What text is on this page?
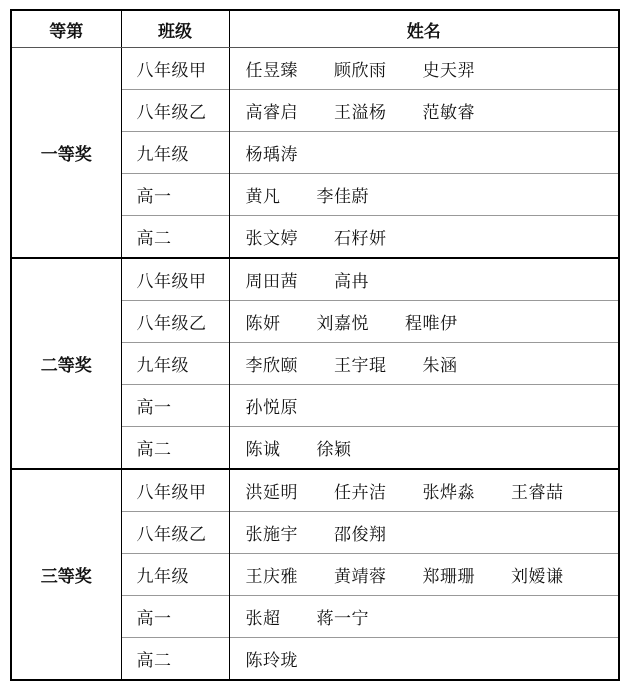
等第	班级	姓名
一等奖	八年级甲	任昱臻 顾欣雨 史天羿
	八年级乙	高睿启 王溢杨 范敏睿
	九年级	杨瑀涛
	高一	黄凡 李佳蔚
	高二	张文婷 石籽妍
二等奖	八年级甲	周田茜 高冉
	八年级乙	陈妍 刘嘉悦 程唯伊
	九年级	李欣颐 王宇琨 朱涵
	高一	孙悦原
	高二	陈诚 徐颖
三等奖	八年级甲	洪延明 任卉洁 张烨淼 王睿喆
	八年级乙	张施宇 邵俊翔
	九年级	王庆雅 黄靖蓉 郑珊珊 刘嫒谦
	高一	张超 蒋一宁
	高二	陈玲珑
